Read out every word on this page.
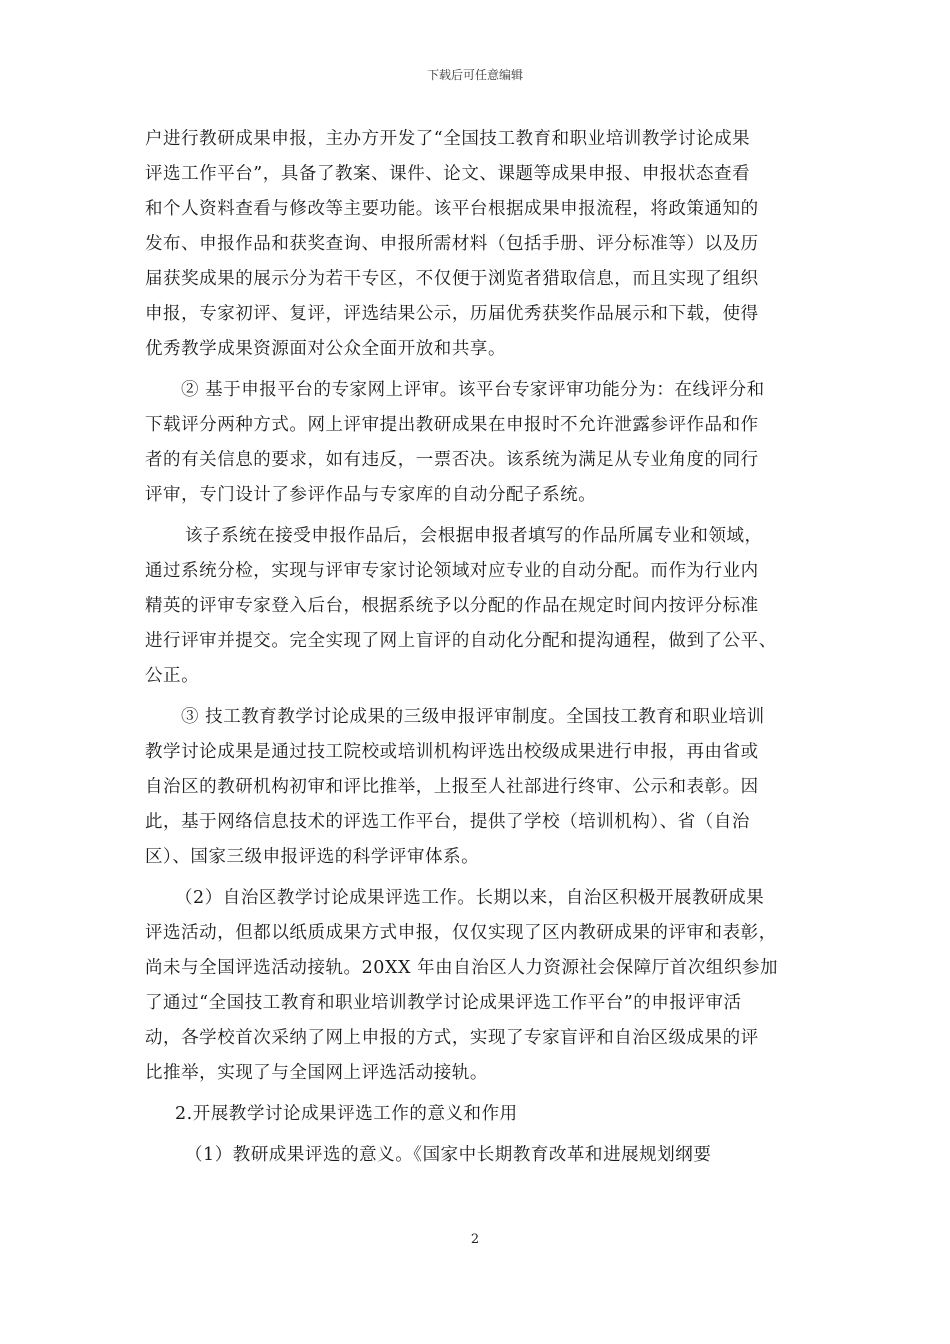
下载后可任意编辑
户进行教研成果申报，主办方开发了“全国技工教育和职业培训教学讨论成果
评选工作平台”，具备了教案、课件、论文、课题等成果申报、申报状态查看
和个人资料查看与修改等主要功能。该平台根据成果申报流程，将政策通知的
发布、申报作品和获奖查询、申报所需材料（包括手册、评分标准等）以及历
届获奖成果的展示分为若干专区，不仅便于浏览者猎取信息，而且实现了组织
申报，专家初评、复评，评选结果公示，历届优秀获奖作品展示和下载，使得
优秀教学成果资源面对公众全面开放和共享。
② 基于申报平台的专家网上评审。该平台专家评审功能分为：在线评分和
下载评分两种方式。网上评审提出教研成果在申报时不允许泄露参评作品和作
者的有关信息的要求，如有违反，一票否决。该系统为满足从专业角度的同行
评审，专门设计了参评作品与专家库的自动分配子系统。
该子系统在接受申报作品后，会根据申报者填写的作品所属专业和领域，
通过系统分检，实现与评审专家讨论领域对应专业的自动分配。而作为行业内
精英的评审专家登入后台，根据系统予以分配的作品在规定时间内按评分标准
进行评审并提交。完全实现了网上盲评的自动化分配和提沟通程，做到了公平、
公正。
③ 技工教育教学讨论成果的三级申报评审制度。全国技工教育和职业培训
教学讨论成果是通过技工院校或培训机构评选出校级成果进行申报，再由省或
自治区的教研机构初审和评比推举，上报至人社部进行终审、公示和表彰。因
此，基于网络信息技术的评选工作平台，提供了学校（培训机构）、省（自治
区）、国家三级申报评选的科学评审体系。
（2）自治区教学讨论成果评选工作。长期以来，自治区积极开展教研成果
评选活动，但都以纸质成果方式申报，仅仅实现了区内教研成果的评审和表彰，
尚未与全国评选活动接轨。20XX 年由自治区人力资源社会保障厅首次组织参加
了通过“全国技工教育和职业培训教学讨论成果评选工作平台”的申报评审活
动，各学校首次采纳了网上申报的方式，实现了专家盲评和自治区级成果的评
比推举，实现了与全国网上评选活动接轨。
2.开展教学讨论成果评选工作的意义和作用
（1）教研成果评选的意义。《国家中长期教育改革和进展规划纲要
2
